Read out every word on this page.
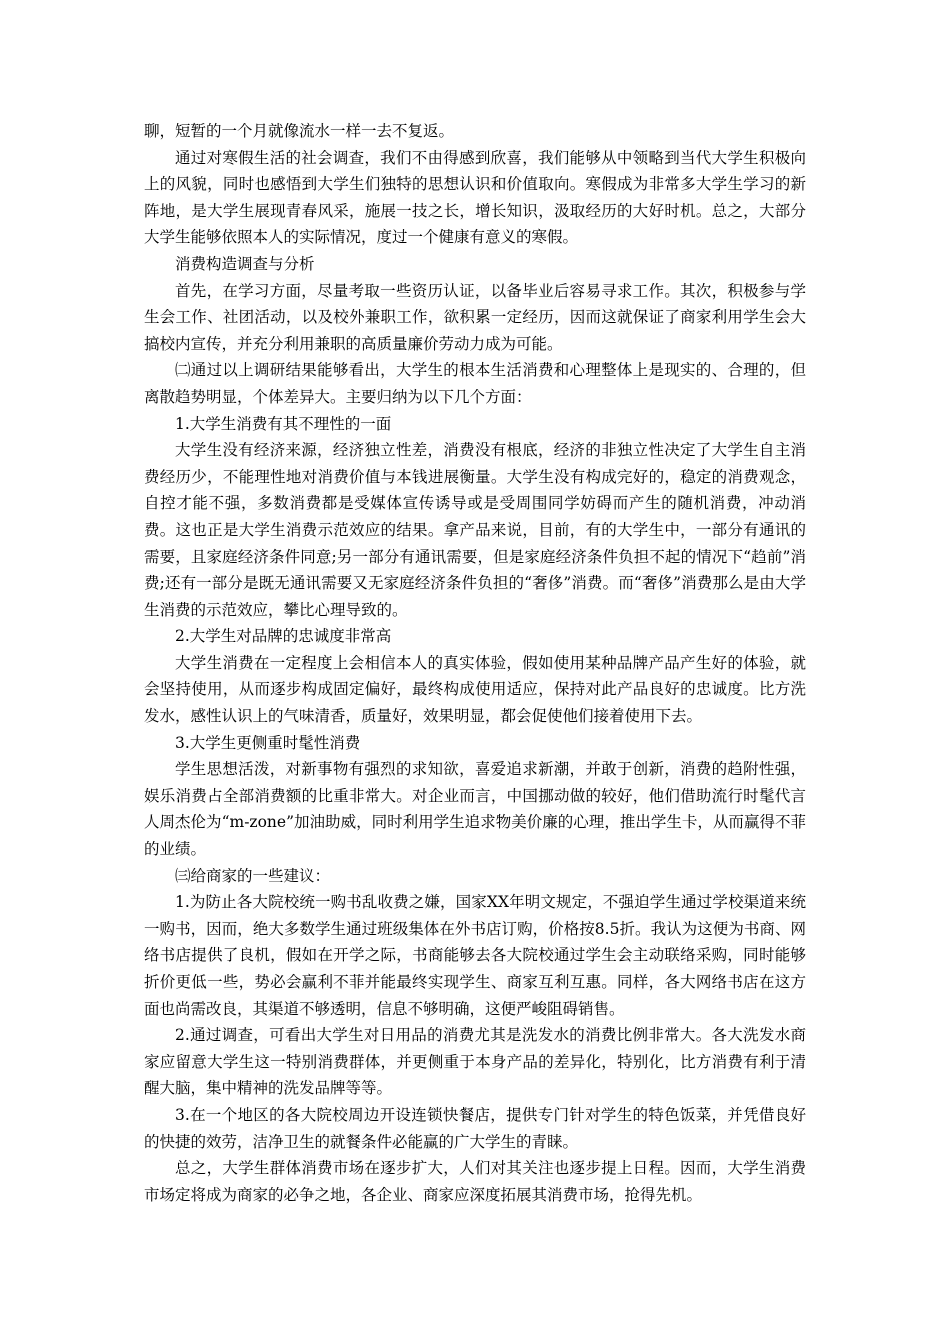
聊，短暂的一个月就像流水一样一去不复返。

通过对寒假生活的社会调查，我们不由得感到欣喜，我们能够从中领略到当代大学生积极向上的风貌，同时也感悟到大学生们独特的思想认识和价值取向。寒假成为非常多大学生学习的新阵地，是大学生展现青春风采，施展一技之长，增长知识，汲取经历的大好时机。总之，大部分大学生能够依照本人的实际情况，度过一个健康有意义的寒假。

消费构造调查与分析

首先，在学习方面，尽量考取一些资历认证，以备毕业后容易寻求工作。其次，积极参与学生会工作、社团活动，以及校外兼职工作，欲积累一定经历，因而这就保证了商家利用学生会大搞校内宣传，并充分利用兼职的高质量廉价劳动力成为可能。

㈡通过以上调研结果能够看出，大学生的根本生活消费和心理整体上是现实的、合理的，但离散趋势明显，个体差异大。主要归纳为以下几个方面：

1.大学生消费有其不理性的一面

大学生没有经济来源，经济独立性差，消费没有根底，经济的非独立性决定了大学生自主消费经历少，不能理性地对消费价值与本钱进展衡量。大学生没有构成完好的，稳定的消费观念，自控才能不强，多数消费都是受媒体宣传诱导或是受周围同学妨碍而产生的随机消费，冲动消费。这也正是大学生消费示范效应的结果。拿产品来说，目前，有的大学生中，一部分有通讯的需要，且家庭经济条件同意;另一部分有通讯需要，但是家庭经济条件负担不起的情况下“趋前”消费;还有一部分是既无通讯需要又无家庭经济条件负担的“奢侈”消费。而“奢侈”消费那么是由大学生消费的示范效应，攀比心理导致的。

2.大学生对品牌的忠诚度非常高

大学生消费在一定程度上会相信本人的真实体验，假如使用某种品牌产品产生好的体验，就会坚持使用，从而逐步构成固定偏好，最终构成使用适应，保持对此产品良好的忠诚度。比方洗发水，感性认识上的气味清香，质量好，效果明显，都会促使他们接着使用下去。

3.大学生更侧重时髦性消费

学生思想活泼，对新事物有强烈的求知欲，喜爱追求新潮，并敢于创新，消费的趋附性强，娱乐消费占全部消费额的比重非常大。对企业而言，中国挪动做的较好，他们借助流行时髦代言人周杰伦为“m-zone”加油助威，同时利用学生追求物美价廉的心理，推出学生卡，从而赢得不菲的业绩。

㈢给商家的一些建议：

1.为防止各大院校统一购书乱收费之嫌，国家XX年明文规定，不强迫学生通过学校渠道来统一购书，因而，绝大多数学生通过班级集体在外书店订购，价格按8.5折。我认为这便为书商、网络书店提供了良机，假如在开学之际，书商能够去各大院校通过学生会主动联络采购，同时能够折价更低一些，势必会赢利不菲并能最终实现学生、商家互利互惠。同样，各大网络书店在这方面也尚需改良，其渠道不够透明，信息不够明确，这便严峻阻碍销售。

2.通过调查，可看出大学生对日用品的消费尤其是洗发水的消费比例非常大。各大洗发水商家应留意大学生这一特别消费群体，并更侧重于本身产品的差异化，特别化，比方消费有利于清醒大脑，集中精神的洗发品牌等等。

3.在一个地区的各大院校周边开设连锁快餐店，提供专门针对学生的特色饭菜，并凭借良好的快捷的效劳，洁净卫生的就餐条件必能赢的广大学生的青睐。

总之，大学生群体消费市场在逐步扩大，人们对其关注也逐步提上日程。因而，大学生消费市场定将成为商家的必争之地，各企业、商家应深度拓展其消费市场，抢得先机。
